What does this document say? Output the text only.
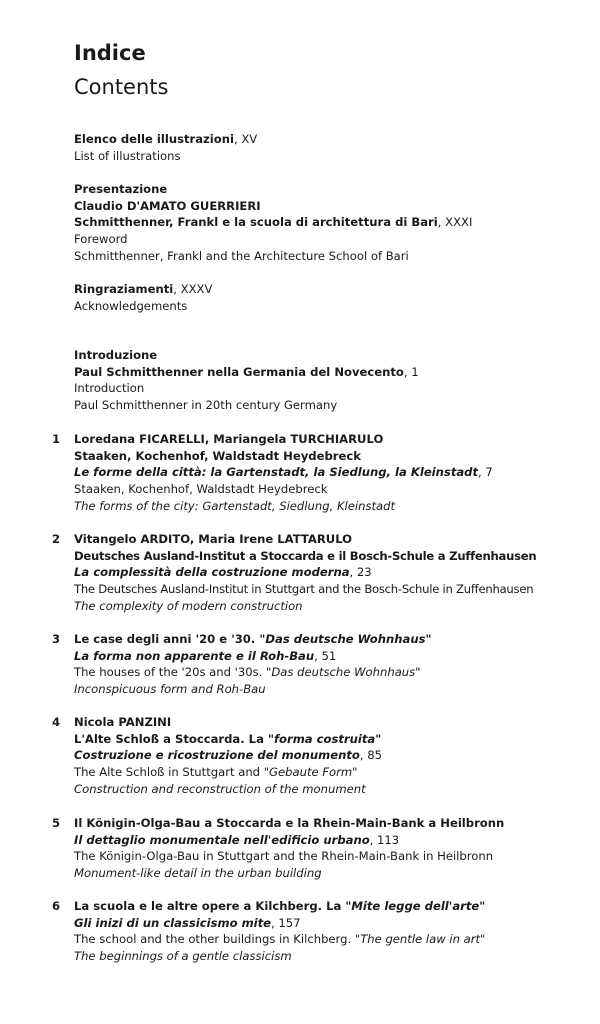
Indice
Contents
Elenco delle illustrazioni, XV
List of illustrations
Presentazione
Claudio D'AMATO GUERRIERI
Schmitthenner, Frankl e la scuola di architettura di Bari, XXXI
Foreword
Schmitthenner, Frankl and the Architecture School of Bari
Ringraziamenti, XXXV
Acknowledgements
Introduzione
Paul Schmitthenner nella Germania del Novecento, 1
Introduction
Paul Schmitthenner in 20th century Germany
1 Loredana FICARELLI, Mariangela TURCHIARULO
Staaken, Kochenhof, Waldstadt Heydebreck
Le forme della città: la Gartenstadt, la Siedlung, la Kleinstadt, 7
Staaken, Kochenhof, Waldstadt Heydebreck
The forms of the city: Gartenstadt, Siedlung, Kleinstadt
2 Vitangelo ARDITO, Maria Irene LATTARULO
Deutsches Ausland-Institut a Stoccarda e il Bosch-Schule a Zuffenhausen
La complessità della costruzione moderna, 23
The Deutsches Ausland-Institut in Stuttgart and the Bosch-Schule in Zuffenhausen
The complexity of modern construction
3 Le case degli anni '20 e '30. "Das deutsche Wohnhaus"
La forma non apparente e il Roh-Bau, 51
The houses of the '20s and '30s. "Das deutsche Wohnhaus"
Inconspicuous form and Roh-Bau
4 Nicola PANZINI
L'Alte Schloß a Stoccarda. La "forma costruita"
Costruzione e ricostruzione del monumento, 85
The Alte Schloß in Stuttgart and "Gebaute Form"
Construction and reconstruction of the monument
5 Il Königin-Olga-Bau a Stoccarda e la Rhein-Main-Bank a Heilbronn
Il dettaglio monumentale nell'edificio urbano, 113
The Königin-Olga-Bau in Stuttgart and the Rhein-Main-Bank in Heilbronn
Monument-like detail in the urban building
6 La scuola e le altre opere a Kilchberg. La "Mite legge dell'arte"
Gli inizi di un classicismo mite, 157
The school and the other buildings in Kilchberg. "The gentle law in art"
The beginnings of a gentle classicism
